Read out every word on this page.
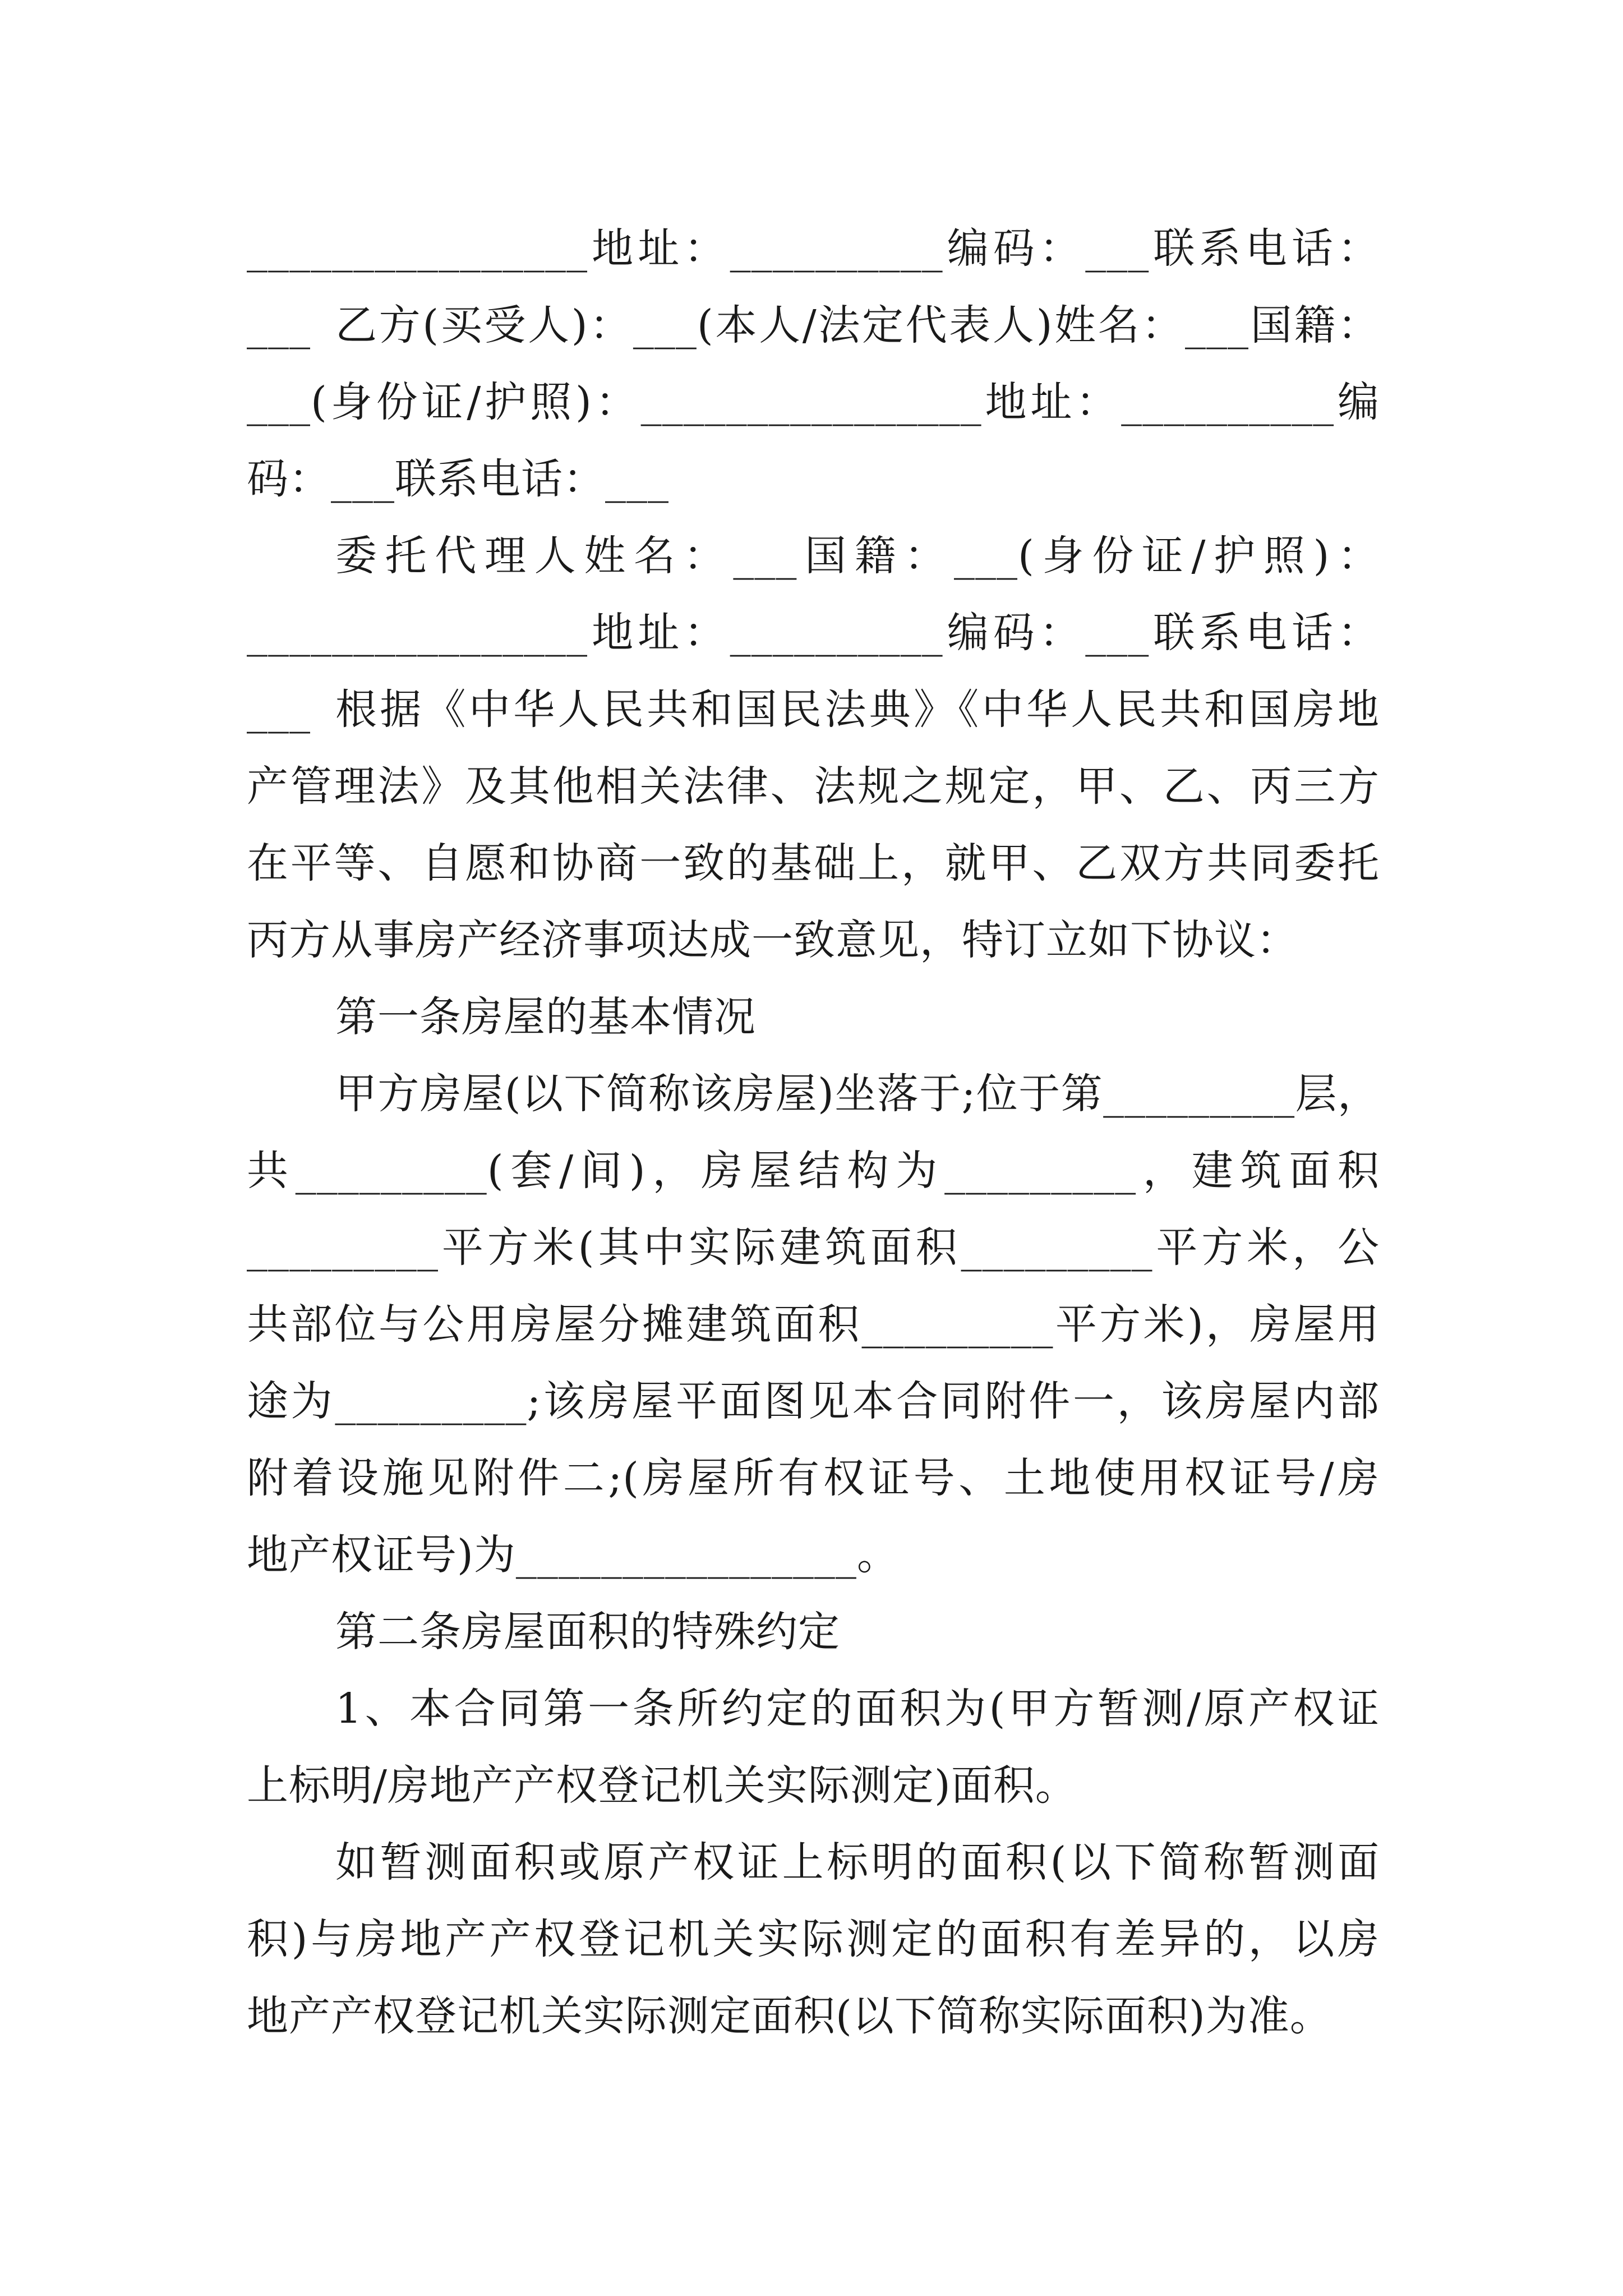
________________地址：__________编码：___联系电话：___ 乙方(买受人)：___(本人/法定代表人)姓名：___国籍：
___(身份证/护照)：________________地址：__________编
码：___联系电话：___
委托代理人姓名：___国籍：___(身份证/护照)：
________________地址：__________编码：___联系电话：___ 根据《中华人民共和国民法典》《中华人民共和国房地
产管理法》及其他相关法律、法规之规定，甲、乙、丙三方
在平等、自愿和协商一致的基础上，就甲、乙双方共同委托
丙方从事房产经济事项达成一致意见，特订立如下协议：
第一条房屋的基本情况
甲方房屋(以下简称该房屋)坐落于;位于第_________层，
共_________(套/间)，房屋结构为_________，建筑面积
_________平方米(其中实际建筑面积_________平方米，公
共部位与公用房屋分摊建筑面积_________平方米)，房屋用
途为_________;该房屋平面图见本合同附件一，该房屋内部
附着设施见附件二;(房屋所有权证号、土地使用权证号/房
地产权证号)为________________。
第二条房屋面积的特殊约定
1、本合同第一条所约定的面积为(甲方暂测/原产权证
上标明/房地产产权登记机关实际测定)面积。
如暂测面积或原产权证上标明的面积(以下简称暂测面
积)与房地产产权登记机关实际测定的面积有差异的，以房
地产产权登记机关实际测定面积(以下简称实际面积)为准。
